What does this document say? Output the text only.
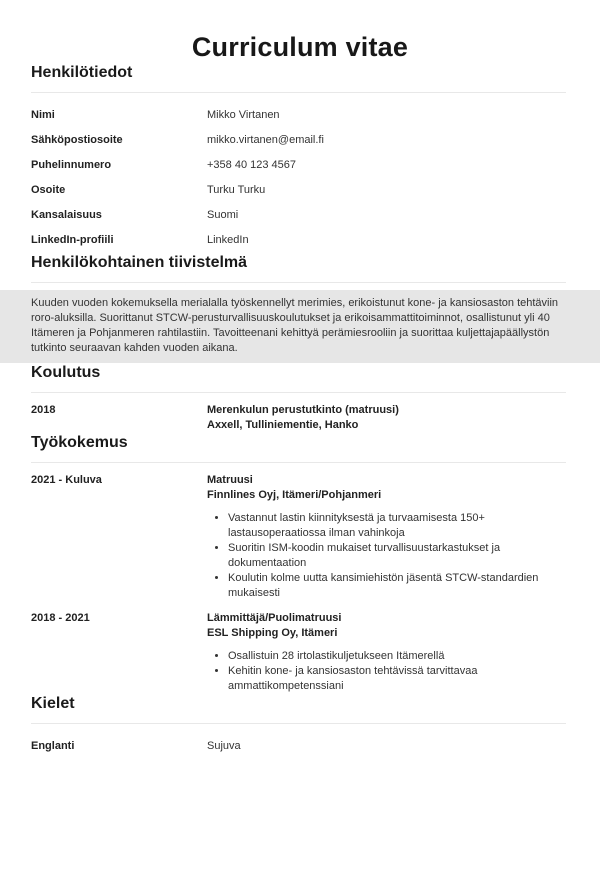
Curriculum vitae
Henkilötiedot
Nimi	Mikko Virtanen
Sähköpostiosoite	mikko.virtanen@email.fi
Puhelinnumero	+358 40 123 4567
Osoite	Turku Turku
Kansalaisuus	Suomi
LinkedIn-profiili	LinkedIn
Henkilökohtainen tiivistelmä

Kuuden vuoden kokemuksella merialalla työskennellyt merimies, erikoistunut kone- ja kansiosaston tehtäviin roro-aluksilla. Suorittanut STCW-perusturvallisuuskoulutukset ja erikoisammattitoiminnot, osallistunut yli 40 Itämeren ja Pohjanmeren rahtilastiin. Tavoitteenani kehittyä perämiesrooliin ja suorittaa kuljettajapäällystön tutkinto seuraavan kahden vuoden aikana.

Koulutus
2018	Merenkulun perustutkinto (matruusi)
Axxell, Tulliniementie, Hanko
Työkokemus
2021 - Kuluva	Matruusi
Finnlines Oyj, Itämeri/Pohjanmeri
• Vastannut lastin kiinnityksestä ja turvaamisesta 150+ lastausoperaatiossa ilman vahinkoja
• Suoritin ISM-koodin mukaiset turvallisuustarkastukset ja dokumentaation
• Koulutin kolme uutta kansimiehistön jäsentä STCW-standardien mukaisesti
2018 - 2021	Lämmittäjä/Puolimatruusi
ESL Shipping Oy, Itämeri
• Osallistuin 28 irtolastikuljetukseen Itämerellä
• Kehitin kone- ja kansiosaston tehtävissä tarvittavaa ammattikompetenssiani
Kielet
Englanti	Sujuva
